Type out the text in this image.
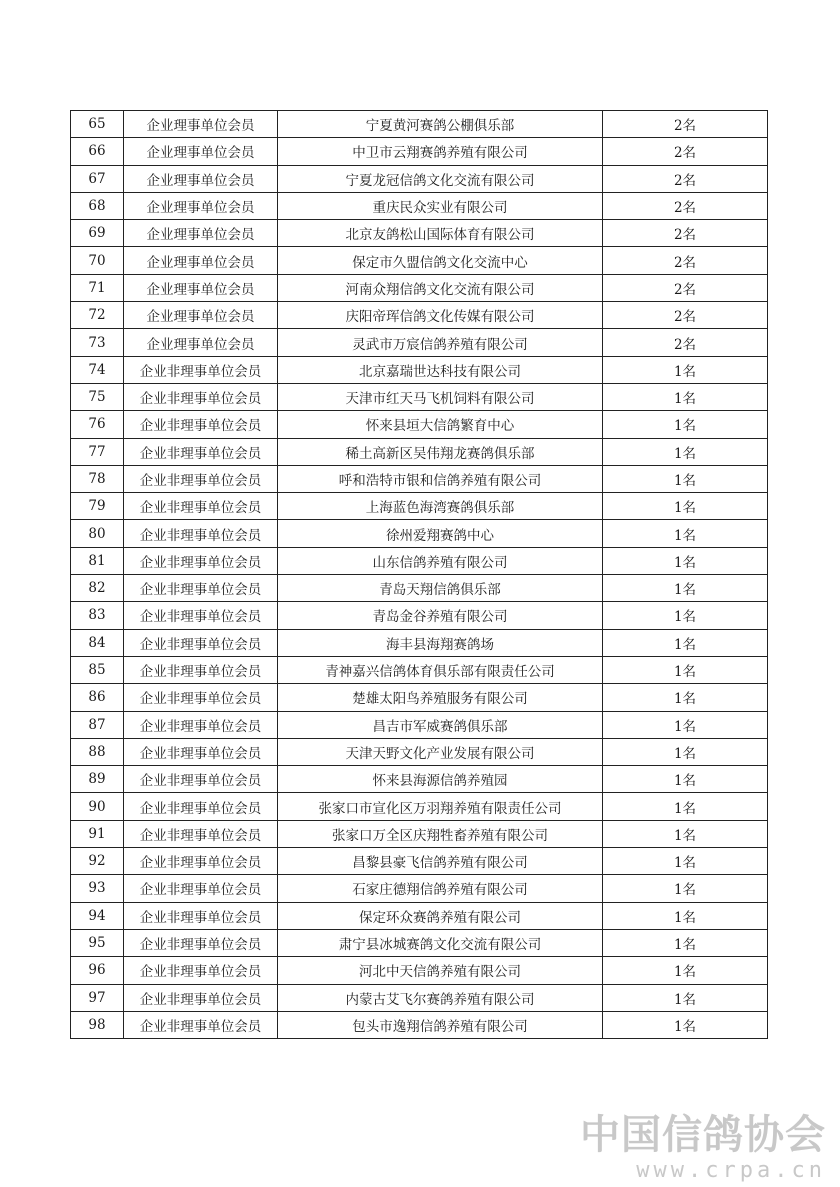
65	企业理事单位会员	宁夏黄河赛鸽公棚俱乐部	2名
66	企业理事单位会员	中卫市云翔赛鸽养殖有限公司	2名
67	企业理事单位会员	宁夏龙冠信鸽文化交流有限公司	2名
68	企业理事单位会员	重庆民众实业有限公司	2名
69	企业理事单位会员	北京友鸽松山国际体育有限公司	2名
70	企业理事单位会员	保定市久盟信鸽文化交流中心	2名
71	企业理事单位会员	河南众翔信鸽文化交流有限公司	2名
72	企业理事单位会员	庆阳帝珲信鸽文化传媒有限公司	2名
73	企业理事单位会员	灵武市万宸信鸽养殖有限公司	2名
74	企业非理事单位会员	北京嘉瑞世达科技有限公司	1名
75	企业非理事单位会员	天津市红天马飞机饲料有限公司	1名
76	企业非理事单位会员	怀来县垣大信鸽繁育中心	1名
77	企业非理事单位会员	稀土高新区吴伟翔龙赛鸽俱乐部	1名
78	企业非理事单位会员	呼和浩特市银和信鸽养殖有限公司	1名
79	企业非理事单位会员	上海蓝色海湾赛鸽俱乐部	1名
80	企业非理事单位会员	徐州爱翔赛鸽中心	1名
81	企业非理事单位会员	山东信鸽养殖有限公司	1名
82	企业非理事单位会员	青岛天翔信鸽俱乐部	1名
83	企业非理事单位会员	青岛金谷养殖有限公司	1名
84	企业非理事单位会员	海丰县海翔赛鸽场	1名
85	企业非理事单位会员	青神嘉兴信鸽体育俱乐部有限责任公司	1名
86	企业非理事单位会员	楚雄太阳鸟养殖服务有限公司	1名
87	企业非理事单位会员	昌吉市军威赛鸽俱乐部	1名
88	企业非理事单位会员	天津天野文化产业发展有限公司	1名
89	企业非理事单位会员	怀来县海源信鸽养殖园	1名
90	企业非理事单位会员	张家口市宣化区万羽翔养殖有限责任公司	1名
91	企业非理事单位会员	张家口万全区庆翔牲畜养殖有限公司	1名
92	企业非理事单位会员	昌黎县豪飞信鸽养殖有限公司	1名
93	企业非理事单位会员	石家庄德翔信鸽养殖有限公司	1名
94	企业非理事单位会员	保定环众赛鸽养殖有限公司	1名
95	企业非理事单位会员	肃宁县冰城赛鸽文化交流有限公司	1名
96	企业非理事单位会员	河北中天信鸽养殖有限公司	1名
97	企业非理事单位会员	内蒙古艾飞尔赛鸽养殖有限公司	1名
98	企业非理事单位会员	包头市逸翔信鸽养殖有限公司	1名
中国信鸽协会
www.crpa.cn
